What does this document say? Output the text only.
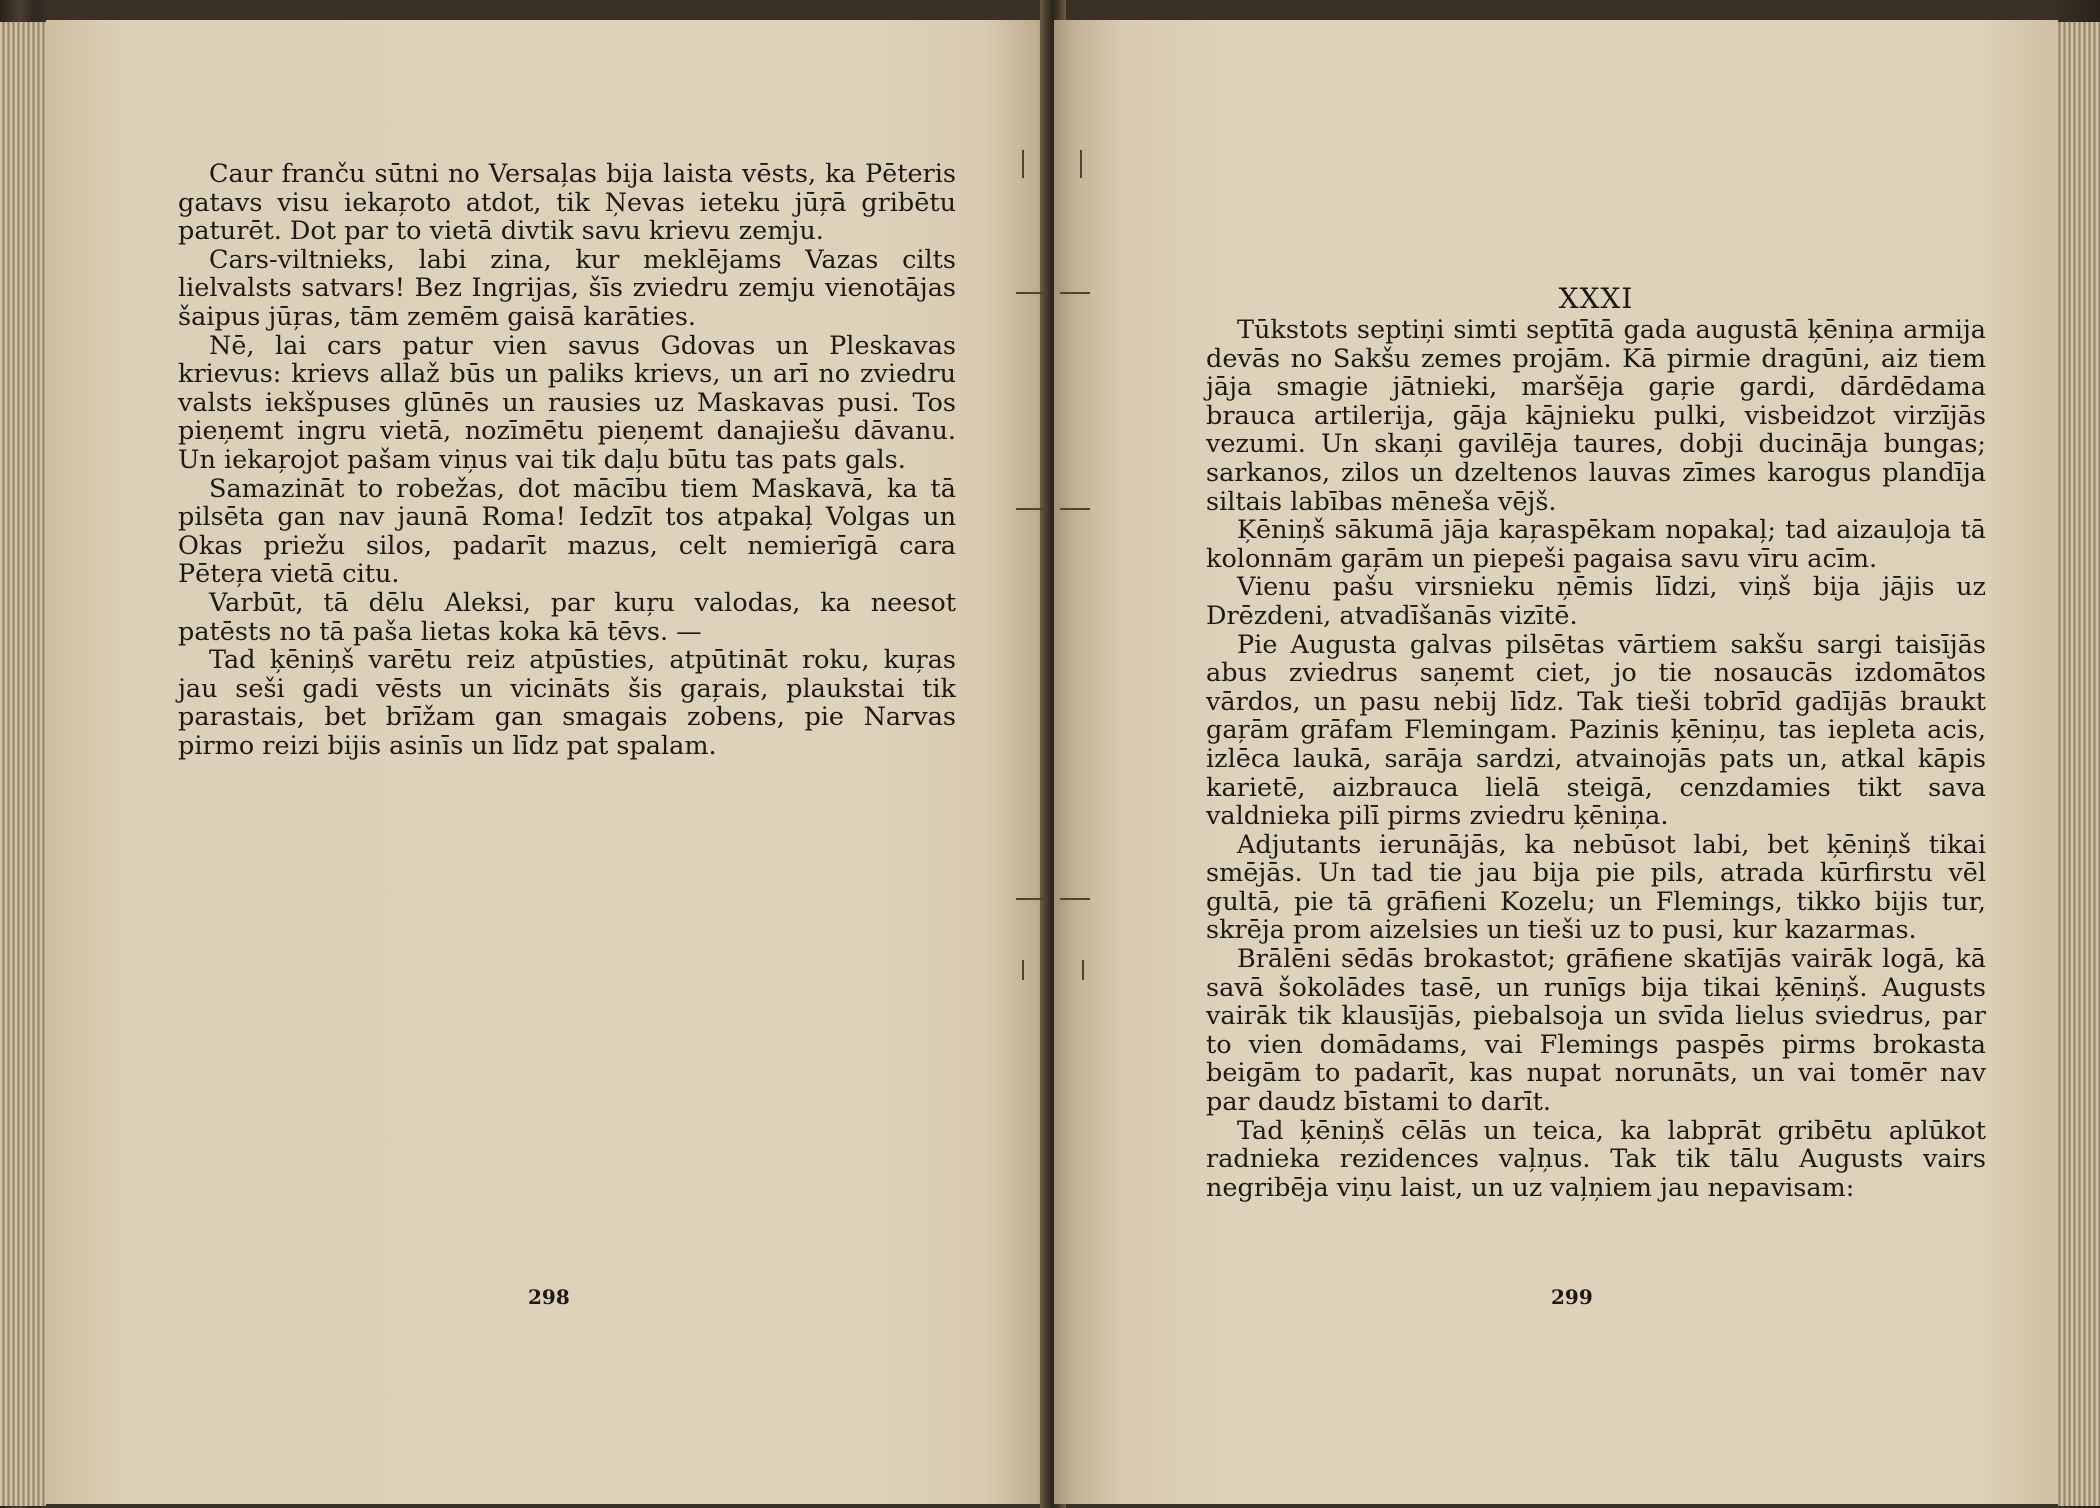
Caur franču sūtni no Versaļas bija laista vēsts, ka Pēteris gatavs visu iekaŗoto atdot, tik Ņevas ieteku jūŗā gribētu paturēt. Dot par to vietā divtik savu krievu zemju.

Cars-viltnieks, labi zina, kur meklējams Vazas cilts lielvalsts satvars! Bez Ingrijas, šīs zviedru zemju vienotājas šaipus jūŗas, tām zemēm gaisā karāties.

Nē, lai cars patur vien savus Gdovas un Pleskavas krievus: krievs allaž būs un paliks krievs, un arī no zviedru valsts iekšpuses glūnēs un rausies uz Maskavas pusi. Tos pieņemt ingru vietā, nozīmētu pieņemt danajiešu dāvanu. Un iekaŗojot pašam viņus vai tik daļu būtu tas pats gals.

Samazināt to robežas, dot mācību tiem Maskavā, ka tā pilsēta gan nav jaunā Roma! Iedzīt tos atpakaļ Volgas un Okas priežu silos, padarīt mazus, celt nemierīgā cara Pēteŗa vietā citu.

Varbūt, tā dēlu Aleksi, par kuŗu valodas, ka neesot patēsts no tā paša lietas koka kā tēvs. —

Tad ķēniņš varētu reiz atpūsties, atpūtināt roku, kuŗas jau seši gadi vēsts un vicināts šis gaŗais, plaukstai tik parastais, bet brīžam gan smagais zobens, pie Narvas pirmo reizi bijis asinīs un līdz pat spalam.

298
XXXI

Tūkstots septiņi simti septītā gada augustā ķēniņa armija devās no Sakšu zemes projām. Kā pirmie dragūni, aiz tiem jāja smagie jātnieki, maršēja gaŗie gardi, dārdēdama brauca artilerija, gāja kājnieku pulki, visbeidzot virzījās vezumi. Un skaņi gavilēja taures, dobji ducināja bungas; sarkanos, zilos un dzeltenos lauvas zīmes karogus plandīja siltais labības mēneša vējš.

Ķēniņš sākumā jāja kaŗaspēkam nopakaļ; tad aizauļoja tā kolonnām gaŗām un piepeši pagaisa savu vīru acīm.

Vienu pašu virsnieku ņēmis līdzi, viņš bija jājis uz Drēzdeni, atvadīšanās vizītē.

Pie Augusta galvas pilsētas vārtiem sakšu sargi taisījās abus zviedrus saņemt ciet, jo tie nosaucās izdomātos vārdos, un pasu nebij līdz. Tak tieši tobrīd gadījās braukt gaŗām grāfam Flemingam. Pazinis ķēniņu, tas iepleta acis, izlēca laukā, sarāja sardzi, atvainojās pats un, atkal kāpis karietē, aizbrauca lielā steigā, cenzdamies tikt sava valdnieka pilī pirms zviedru ķēniņa.

Adjutants ierunājās, ka nebūsot labi, bet ķēniņš tikai smējās. Un tad tie jau bija pie pils, atrada kūrfirstu vēl gultā, pie tā grāfieni Kozelu; un Flemings, tikko bijis tur, skrēja prom aizelsies un tieši uz to pusi, kur kazarmas.

Brālēni sēdās brokastot; grāfiene skatījās vairāk logā, kā savā šokolādes tasē, un runīgs bija tikai ķēniņš. Augusts vairāk tik klausījās, piebalsoja un svīda lielus sviedrus, par to vien domādams, vai Flemings paspēs pirms brokasta beigām to padarīt, kas nupat norunāts, un vai tomēr nav par daudz bīstami to darīt.

Tad ķēniņš cēlās un teica, ka labprāt gribētu aplūkot radnieka rezidences vaļņus. Tak tik tālu Augusts vairs negribēja viņu laist, un uz vaļņiem jau nepavisam:

299
